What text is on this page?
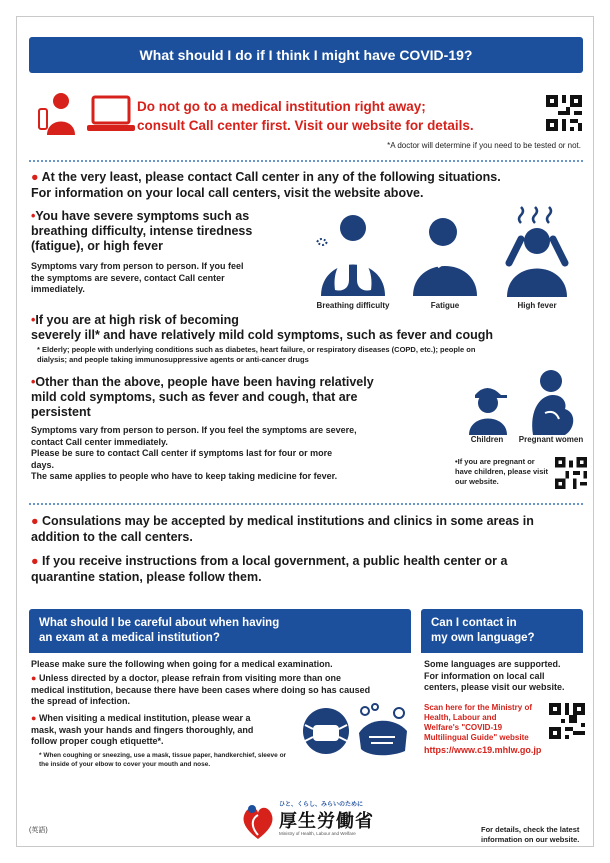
What should I do if I think I might have COVID-19?
Do not go to a medical institution right away;
consult Call center first. Visit our website for details.
*A doctor will determine if you need to be tested or not.
● At the very least, please contact Call center in any of the following situations.
For information on your local call centers, visit the website above.
•You have severe symptoms such as
breathing difficulty, intense tiredness
(fatigue), or high fever
Symptoms vary from person to person. If you feel
the symptoms are severe, contact Call center
immediately.
Breathing difficulty	Fatigue	High fever
•If you are at high risk of becoming
severely ill* and have relatively mild cold symptoms, such as fever and cough
* Elderly; people with underlying conditions such as diabetes, heart failure, or respiratory diseases (COPD, etc.); people on
dialysis; and people taking immunosuppressive agents or anti-cancer drugs
•Other than the above, people have been having relatively
mild cold symptoms, such as fever and cough, that are
persistent
Symptoms vary from person to person. If you feel the symptoms are severe,
contact Call center immediately.
Please be sure to contact Call center if symptoms last for four or more
days.
The same applies to people who have to keep taking medicine for fever.
Children	Pregnant women
•If you are pregnant or
have children, please visit
our website.
● Consulations may be accepted by medical institutions and clinics in some areas in
addition to the call centers.
● If you receive instructions from a local government, a public health center or a
quarantine station, please follow them.
What should I be careful about when having
an exam at a medical institution?
Please make sure the following when going for a medical examination.
● Unless directed by a doctor, please refrain from visiting more than one
medical institution, because there have been cases where doing so has caused
the spread of infection.
● When visiting a medical institution, please wear a
mask, wash your hands and fingers thoroughly, and
follow proper cough etiquette*.
* When coughing or sneezing, use a mask, tissue paper, handkerchief, sleeve or
the inside of your elbow to cover your mouth and nose.
Can I contact in
my own language?
Some languages are supported.
For information on local call
centers, please visit our website.
Scan here for the Ministry of
Health, Labour and
Welfare's "COVID-19
Multilingual Guide" website
https://www.c19.mhlw.go.jp
(英語)
ひと、くらし、みらいのために
厚生労働省
Ministry of Health, Labour and Welfare	For details, check the latest
information on our website.
